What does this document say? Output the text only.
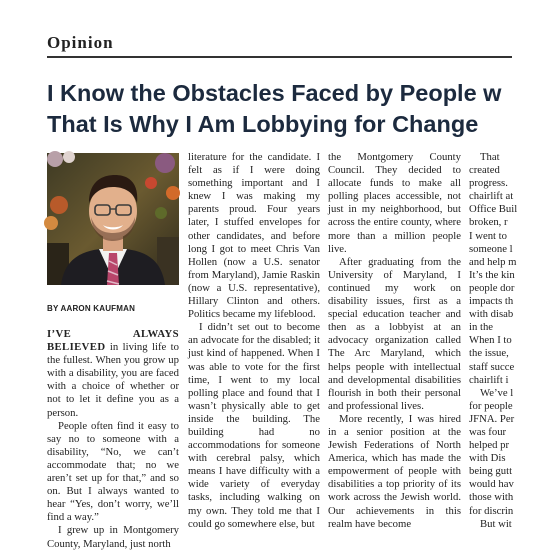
Opinion
I Know the Obstacles Faced by People w
That Is Why I Am Lobbying for Change
BY AARON KAUFMAN

I’VE ALWAYS BELIEVED in living life to the fullest. When you grow up with a disability, you are faced with a choice of whether or not to let it define you as a person.

People often find it easy to say no to someone with a disability, “No, we can’t accommodate that; no we aren’t set up for that,” and so on. But I always wanted to hear “Yes, don’t worry, we’ll find a way.”

I grew up in Montgomery County, Maryland, just north

literature for the candidate. I felt as if I were doing something important and I knew I was making my parents proud. Four years later, I stuffed envelopes for other candidates, and before long I got to meet Chris Van Hollen (now a U.S. senator from Maryland), Jamie Raskin (now a U.S. representative), Hillary Clinton and others. Politics became my lifeblood.

I didn’t set out to become an advocate for the disabled; it just kind of happened. When I was able to vote for the first time, I went to my local polling place and found that I wasn’t physically able to get inside the building. The building had no accommodations for someone with cerebral palsy, which means I have difficulty with a wide variety of everyday tasks, including walking on my own. They told me that I could go somewhere else, but

the Montgomery County Council. They decided to allocate funds to make all polling places accessible, not just in my neighborhood, but across the entire county, where more than a million people live.

After graduating from the University of Maryland, I continued my work on disability issues, first as a special education teacher and then as a lobbyist at an advocacy organization called The Arc Maryland, which helps people with intellectual and developmental disabilities flourish in both their personal and professional lives.

More recently, I was hired in a senior position at the Jewish Federations of North America, which has made the empowerment of people with disabilities a top priority of its work across the Jewish world. Our achievements in this realm have become

That
created
progress.
chairlift at
Office Buil
broken, r
I went to
someone l
and help m
It’s the kin
people dor
impacts th
with disab
in the
When I to
the issue,
staff succe
chairlift i
We’ve l
for people
JFNA. Per
was four
helped pr
with Dis
being gutt
would hav
those with
for discrin
But wit
